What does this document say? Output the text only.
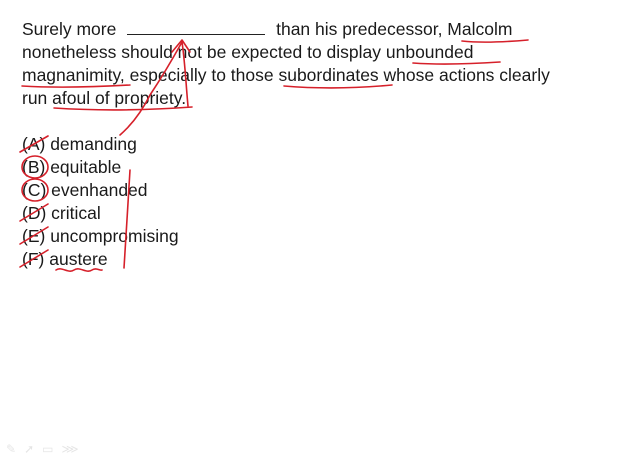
Surely more	than his predecessor, Malcolm
nonetheless should not be expected to display unbounded
magnanimity, especially to those subordinates whose actions clearly
run afoul of propriety.
(A) demanding
(B) equitable
(C) evenhanded
(D) critical
(E) uncompromising
(F) austere
✎ ➚ ▭ ⋙
